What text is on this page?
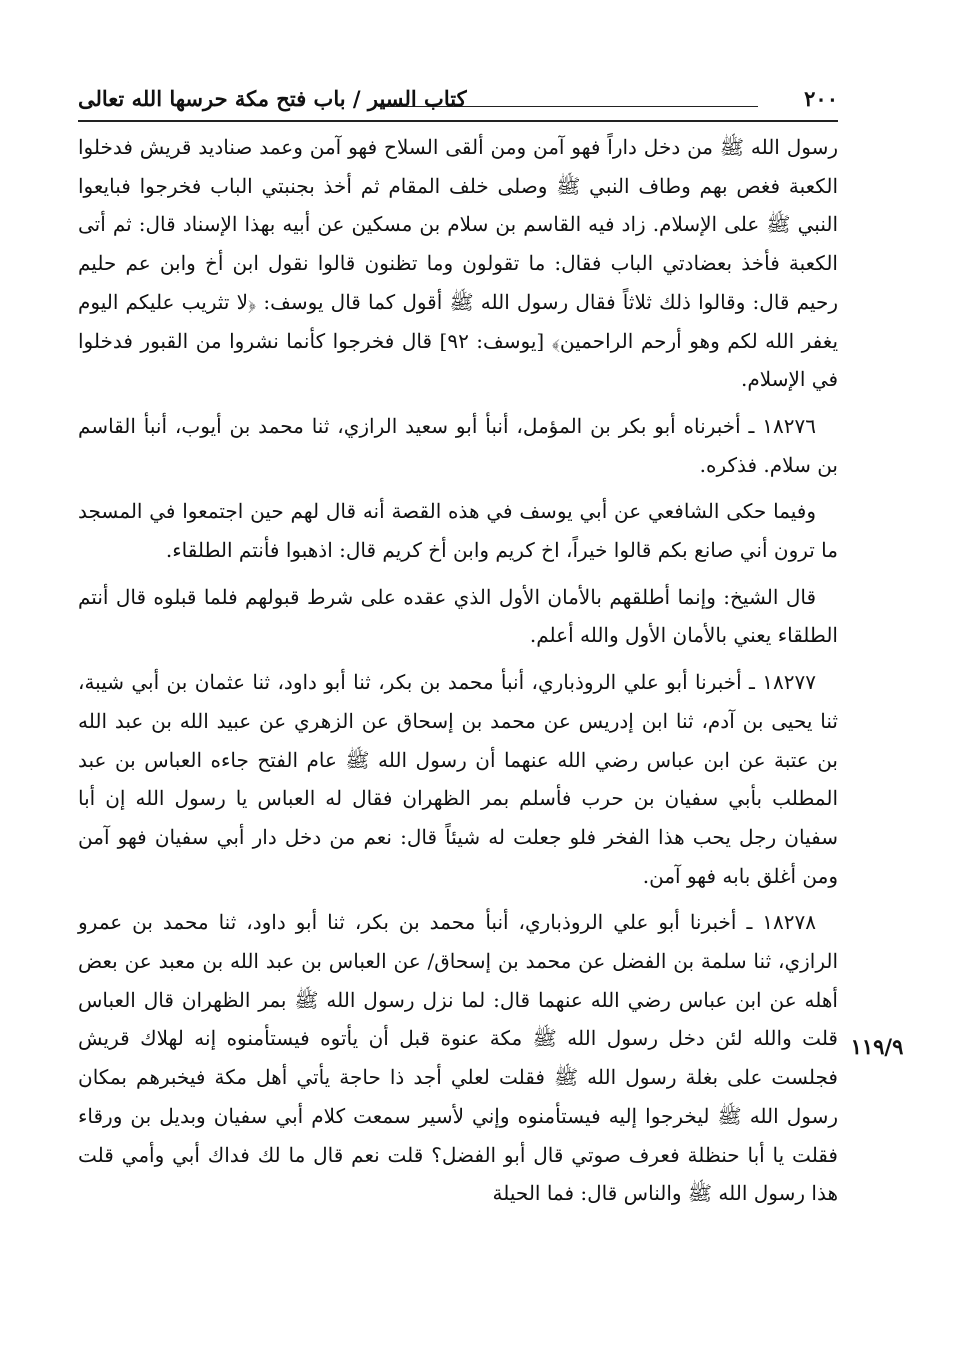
٢٠٠
كتاب السير / باب فتح مكة حرسها الله تعالى

رسول الله ﷺ من دخل داراً فهو آمن ومن ألقى السلاح فهو آمن وعمد صناديد قريش فدخلوا الكعبة فغص بهم وطاف النبي ﷺ وصلى خلف المقام ثم أخذ بجنبتي الباب فخرجوا فبايعوا النبي ﷺ على الإسلام. زاد فيه القاسم بن سلام بن مسكين عن أبيه بهذا الإسناد قال: ثم أتى الكعبة فأخذ بعضادتي الباب فقال: ما تقولون وما تظنون قالوا نقول ابن أخ وابن عم حليم رحيم قال: وقالوا ذلك ثلاثاً فقال رسول الله ﷺ أقول كما قال يوسف: ﴿لا تثريب عليكم اليوم يغفر الله لكم وهو أرحم الراحمين﴾ [يوسف: ٩٢] قال فخرجوا كأنما نشروا من القبور فدخلوا في الإسلام.

١٨٢٧٦ ـ أخبرناه أبو بكر بن المؤمل، أنبأ أبو سعيد الرازي، ثنا محمد بن أيوب، أنبأ القاسم بن سلام. فذكره.

وفيما حكى الشافعي عن أبي يوسف في هذه القصة أنه قال لهم حين اجتمعوا في المسجد ما ترون أني صانع بكم قالوا خيراً، اخ كريم وابن أخ كريم قال: اذهبوا فأنتم الطلقاء.

قال الشيخ: وإنما أطلقهم بالأمان الأول الذي عقده على شرط قبولهم فلما قبلوه قال أنتم الطلقاء يعني بالأمان الأول والله أعلم.

١٨٢٧٧ ـ أخبرنا أبو علي الروذباري، أنبأ محمد بن بكر، ثنا أبو داود، ثنا عثمان بن أبي شيبة، ثنا يحيى بن آدم، ثنا ابن إدريس عن محمد بن إسحاق عن الزهري عن عبيد الله بن عبد الله بن عتبة عن ابن عباس رضي الله عنهما أن رسول الله ﷺ عام الفتح جاءه العباس بن عبد المطلب بأبي سفيان بن حرب فأسلم بمر الظهران فقال له العباس يا رسول الله إن أبا سفيان رجل يحب هذا الفخر فلو جعلت له شيئاً قال: نعم من دخل دار أبي سفيان فهو آمن ومن أغلق بابه فهو آمن.

١٨٢٧٨ ـ أخبرنا أبو علي الروذباري، أنبأ محمد بن بكر، ثنا أبو داود، ثنا محمد بن عمرو الرازي، ثنا سلمة بن الفضل عن محمد بن إسحاق/ عن العباس بن عبد الله بن معبد عن بعض أهله عن ابن عباس رضي الله عنهما قال: لما نزل رسول الله ﷺ بمر الظهران قال العباس قلت والله لئن دخل رسول الله ﷺ مكة عنوة قبل أن يأتوه فيستأمنوه إنه لهلاك قريش فجلست على بغلة رسول الله ﷺ فقلت لعلي أجد ذا حاجة يأتي أهل مكة فيخبرهم بمكان رسول الله ﷺ ليخرجوا إليه فيستأمنوه وإني لأسير سمعت كلام أبي سفيان وبديل بن ورقاء فقلت يا أبا حنظلة فعرف صوتي قال أبو الفضل؟ قلت نعم قال ما لك فداك أبي وأمي قلت هذا رسول الله ﷺ والناس قال: فما الحيلة

١١٩/٩
